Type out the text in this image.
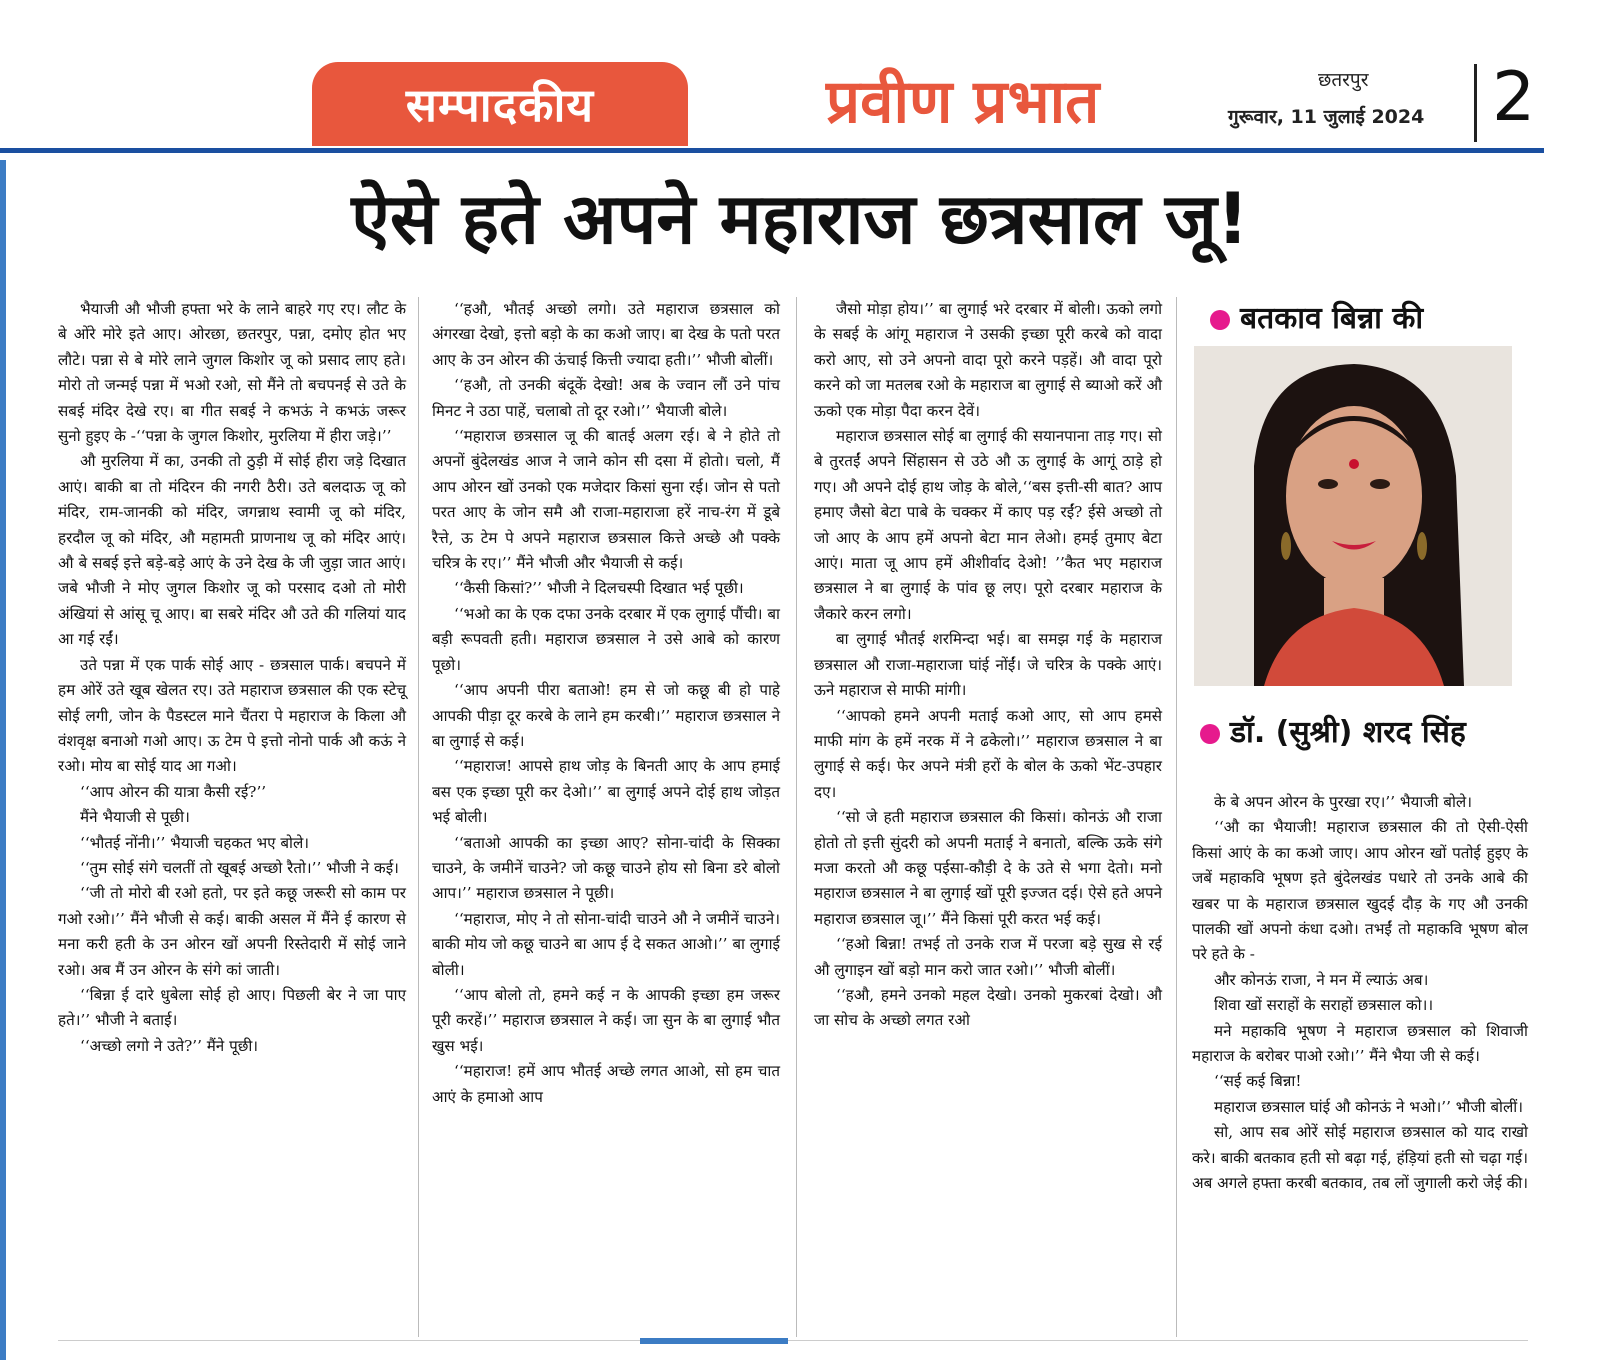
सम्पादकीय	प्रवीण प्रभात	छतरपुर
गुरूवार, 11 जुलाई 2024 2
ऐसे हते अपने महाराज छत्रसाल जू!

भैयाजी औ भौजी हफ्ता भरे के लाने बाहरे गए रए। लौट के बे ओंरे मोरे इते आए। ओरछा, छतरपुर, पन्ना, दमोए होत भए लौटे। पन्ना से बे मोरे लाने जुगल किशोर जू को प्रसाद लाए हते। मोरो तो जन्मई पन्ना में भओ रओ, सो मैंने तो बचपनई से उते के सबई मंदिर देखे रए। बा गीत सबई ने कभऊं ने कभऊं जरूर सुनो हुइए के -‘‘पन्ना के जुगल किशोर, मुरलिया में हीरा जड़े।’’

औ मुरलिया में का, उनकी तो ठुड़ी में सोई हीरा जड़े दिखात आएं। बाकी बा तो मंदिरन की नगरी ठैरी। उते बलदाऊ जू को मंदिर, राम-जानकी को मंदिर, जगन्नाथ स्वामी जू को मंदिर, हरदौल जू को मंदिर, औ महामती प्राणनाथ जू को मंदिर आएं। औ बे सबई इत्ते बड़े-बड़े आएं के उने देख के जी जुड़ा जात आएं। जबे भौजी ने मोए जुगल किशोर जू को परसाद दओ तो मोरी अंखियां से आंसू चू आए। बा सबरे मंदिर औ उते की गलियां याद आ गई रईं।

उते पन्ना में एक पार्क सोई आए - छत्रसाल पार्क। बचपने में हम ओरें उते खूब खेलत रए। उते महाराज छत्रसाल की एक स्टेचू सोई लगी, जोन के पैडस्टल माने चैंतरा पे महाराज के किला औ वंशवृक्ष बनाओ गओ आए। ऊ टेम पे इत्तो नोनो पार्क औ कऊं ने रओ। मोय बा सोई याद आ गओ।

‘‘आप ओरन की यात्रा कैसी रई?’’

मैंने भैयाजी से पूछी।

‘‘भौतई नोंनी।’’ भैयाजी चहकत भए बोले।

‘‘तुम सोई संगे चलतीं तो खूबई अच्छो रैतो।’’ भौजी ने कई।

‘‘जी तो मोरो बी रओ हतो, पर इते कछू जरूरी सो काम पर गओ रओ।’’ मैंने भौजी से कई। बाकी असल में मैंने ई कारण से मना करी हती के उन ओरन खों अपनी रिस्तेदारी में सोई जाने रओ। अब मैं उन ओरन के संगे कां जाती।

‘‘बिन्ना ई दारे धुबेला सोई हो आए। पिछली बेर ने जा पाए हते।’’ भौजी ने बताई।

‘‘अच्छो लगो ने उते?’’ मैंने पूछी।

‘‘हऔ, भौतई अच्छो लगो। उते महाराज छत्रसाल को अंगरखा देखो, इत्तो बड़ो के का कओ जाए। बा देख के पतो परत आए के उन ओरन की ऊंचाई कित्ती ज्यादा हती।’’ भौजी बोलीं।

‘‘हऔ, तो उनकी बंदूकें देखो! अब के ज्वान लौं उने पांच मिनट ने उठा पाहें, चलाबो तो दूर रओ।’’ भैयाजी बोले।

‘‘महाराज छत्रसाल जू की बातई अलग रई। बे ने होते तो अपनों बुंदेलखंड आज ने जाने कोन सी दसा में होतो। चलो, मैं आप ओरन खों उनको एक मजेदार किसां सुना रई। जोन से पतो परत आए के जोन समै औ राजा-महाराजा हरें नाच-रंग में डूबे रैत्ते, ऊ टेम पे अपने महाराज छत्रसाल कित्ते अच्छे औ पक्के चरित्र के रए।’’ मैंने भौजी और भैयाजी से कई।

‘‘कैसी किसां?’’ भौजी ने दिलचस्पी दिखात भई पूछी।

‘‘भओ का के एक दफा उनके दरबार में एक लुगाई पौंची। बा बड़ी रूपवती हती। महाराज छत्रसाल ने उसे आबे को कारण पूछो।

‘‘आप अपनी पीरा बताओ! हम से जो कछू बी हो पाहे आपकी पीड़ा दूर करबे के लाने हम करबी।’’ महाराज छत्रसाल ने बा लुगाई से कई।

‘‘महाराज! आपसे हाथ जोड़ के बिनती आए के आप हमाई बस एक इच्छा पूरी कर देओ।’’ बा लुगाई अपने दोई हाथ जोड़त भई बोली।

‘‘बताओ आपकी का इच्छा आए? सोना-चांदी के सिक्का चाउने, के जमीनें चाउने? जो कछू चाउने होय सो बिना डरे बोलो आप।’’ महाराज छत्रसाल ने पूछी।

‘‘महाराज, मोए ने तो सोना-चांदी चाउने औ ने जमीनें चाउने। बाकी मोय जो कछू चाउने बा आप ई दे सकत आओ।’’ बा लुगाई बोली।

‘‘आप बोलो तो, हमने कई न के आपकी इच्छा हम जरूर पूरी करहें।’’ महाराज छत्रसाल ने कई। जा सुन के बा लुगाई भौत खुस भई।

‘‘महाराज! हमें आप भौतई अच्छे लगत आओ, सो हम चात आएं के हमाओ आप

जैसो मोड़ा होय।’’ बा लुगाई भरे दरबार में बोली। ऊको लगो के सबई के आंगू महाराज ने उसकी इच्छा पूरी करबे को वादा करो आए, सो उने अपनो वादा पूरो करने पड़हें। औ वादा पूरो करने को जा मतलब रओ के महाराज बा लुगाई से ब्याओ करें औ ऊको एक मोड़ा पैदा करन देवें।

महाराज छत्रसाल सोई बा लुगाई की सयानपाना ताड़ गए। सो बे तुरतईं अपने सिंहासन से उठे औ ऊ लुगाई के आगूं ठाड़े हो गए। औ अपने दोई हाथ जोड़ के बोले,‘‘बस इत्ती-सी बात? आप हमाए जैसो बेटा पाबे के चक्कर में काए पड़ रईं? ईसे अच्छो तो जो आए के आप हमें अपनो बेटा मान लेओ। हमई तुमाए बेटा आएं। माता जू आप हमें अीशीर्वाद देओ! ’’कैत भए महाराज छत्रसाल ने बा लुगाई के पांव छू लए। पूरो दरबार महाराज के जैकारे करन लगो।

बा लुगाई भौतई शरमिन्दा भई। बा समझ गई के महाराज छत्रसाल औ राजा-महाराजा घांई नोंईं। जे चरित्र के पक्के आएं। ऊने महाराज से माफी मांगी।

‘‘आपको हमने अपनी मताई कओ आए, सो आप हमसे माफी मांग के हमें नरक में ने ढकेलो।’’ महाराज छत्रसाल ने बा लुगाई से कई। फेर अपने मंत्री हरों के बोल के ऊको भेंट-उपहार दए।

‘‘सो जे हती महाराज छत्रसाल की किसां। कोनऊं औ राजा होतो तो इत्ती सुंदरी को अपनी मताई ने बनातो, बल्कि ऊके संगे मजा करतो औ कछू पईसा-कौड़ी दे के उते से भगा देतो। मनो महाराज छत्रसाल ने बा लुगाई खों पूरी इज्जत दई। ऐसे हते अपने महाराज छत्रसाल जू।’’ मैंने किसां पूरी करत भई कई।

‘‘हओ बिन्ना! तभई तो उनके राज में परजा बड़े सुख से रई औ लुगाइन खों बड़ो मान करो जात रओ।’’ भौजी बोलीं।

‘‘हऔ, हमने उनको महल देखो। उनको मुकरबां देखो। औ जा सोच के अच्छो लगत रओ

बतकाव बिन्ना की
डॉ. (सुश्री) शरद सिंह

के बे अपन ओरन के पुरखा रए।’’ भैयाजी बोले।

‘‘औ का भैयाजी! महाराज छत्रसाल की तो ऐसी-ऐसी किसां आएं के का कओ जाए। आप ओरन खों पतोई हुइए के जबें महाकवि भूषण इते बुंदेलखंड पधारे तो उनके आबे की खबर पा के महाराज छत्रसाल खुदई दौड़ के गए औ उनकी पालकी खों अपनो कंधा दओ। तभईं तो महाकवि भूषण बोल परे हते के -

और कोनऊं राजा, ने मन में ल्याऊं अब।

शिवा खों सराहों के सराहों छत्रसाल को।।

मने महाकवि भूषण ने महाराज छत्रसाल को शिवाजी महाराज के बरोबर पाओ रओ।’’ मैंने भैया जी से कई।

‘‘सई कई बिन्ना!

महाराज छत्रसाल घांई औ कोनऊं ने भओ।’’ भौजी बोलीं।

सो, आप सब ओरें सोई महाराज छत्रसाल को याद राखो करे। बाकी बतकाव हती सो बढ़ा गई, हंड़ियां हती सो चढ़ा गई। अब अगले हफ्ता करबी बतकाव, तब लों जुगाली करो जेई की।
